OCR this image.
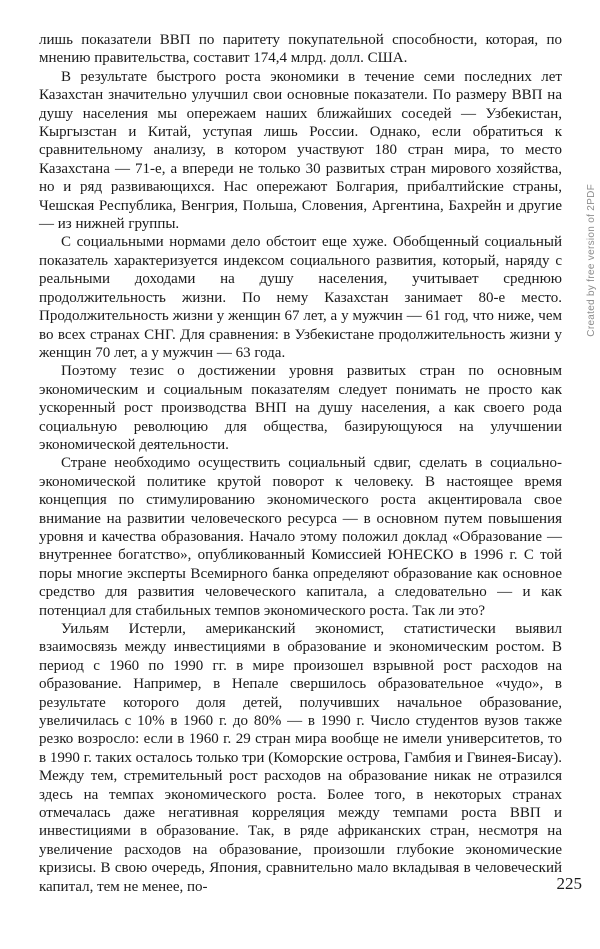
лишь показатели ВВП по паритету покупательной способности, которая, по мнению правительства, составит 174,4 млрд. долл. США.

В результате быстрого роста экономики в течение семи последних лет Казахстан значительно улучшил свои основные показатели. По размеру ВВП на душу населения мы опережаем наших ближайших соседей — Узбекистан, Кыргызстан и Китай, уступая лишь России. Однако, если обратиться к сравнительному анализу, в котором участвуют 180 стран мира, то место Казахстана — 71-е, а впереди не только 30 развитых стран мирового хозяйства, но и ряд развивающихся. Нас опережают Болгария, прибалтийские страны, Чешская Республика, Венгрия, Польша, Словения, Аргентина, Бахрейн и другие — из нижней группы.

С социальными нормами дело обстоит еще хуже. Обобщенный социальный показатель характеризуется индексом социального развития, который, наряду с реальными доходами на душу населения, учитывает среднюю продолжительность жизни. По нему Казахстан занимает 80-е место. Продолжительность жизни у женщин 67 лет, а у мужчин — 61 год, что ниже, чем во всех странах СНГ. Для сравнения: в Узбекистане продолжительность жизни у женщин 70 лет, а у мужчин — 63 года.

Поэтому тезис о достижении уровня развитых стран по основным экономическим и социальным показателям следует понимать не просто как ускоренный рост производства ВНП на душу населения, а как своего рода социальную революцию для общества, базирующуюся на улучшении экономической деятельности.

Стране необходимо осуществить социальный сдвиг, сделать в социально-экономической политике крутой поворот к человеку. В настоящее время концепция по стимулированию экономического роста акцентировала свое внимание на развитии человеческого ресурса — в основном путем повышения уровня и качества образования. Начало этому положил доклад «Образование — внутреннее богатство», опубликованный Комиссией ЮНЕСКО в 1996 г. С той поры многие эксперты Всемирного банка определяют образование как основное средство для развития человеческого капитала, а следовательно — и как потенциал для стабильных темпов экономического роста. Так ли это?

Уильям Истерли, американский экономист, статистически выявил взаимосвязь между инвестициями в образование и экономическим ростом. В период с 1960 по 1990 гг. в мире произошел взрывной рост расходов на образование. Например, в Непале свершилось образовательное «чудо», в результате которого доля детей, получивших начальное образование, увеличилась с 10% в 1960 г. до 80% — в 1990 г. Число студентов вузов также резко возросло: если в 1960 г. 29 стран мира вообще не имели университетов, то в 1990 г. таких осталось только три (Коморские острова, Гамбия и Гвинея-Бисау). Между тем, стремительный рост расходов на образование никак не отразился здесь на темпах экономического роста. Более того, в некоторых странах отмечалась даже негативная корреляция между темпами роста ВВП и инвестициями в образование. Так, в ряде африканских стран, несмотря на увеличение расходов на образование, произошли глубокие экономические кризисы. В свою очередь, Япония, сравнительно мало вкладывая в человеческий капитал, тем не менее, по-	225
Created by free version of 2PDF
